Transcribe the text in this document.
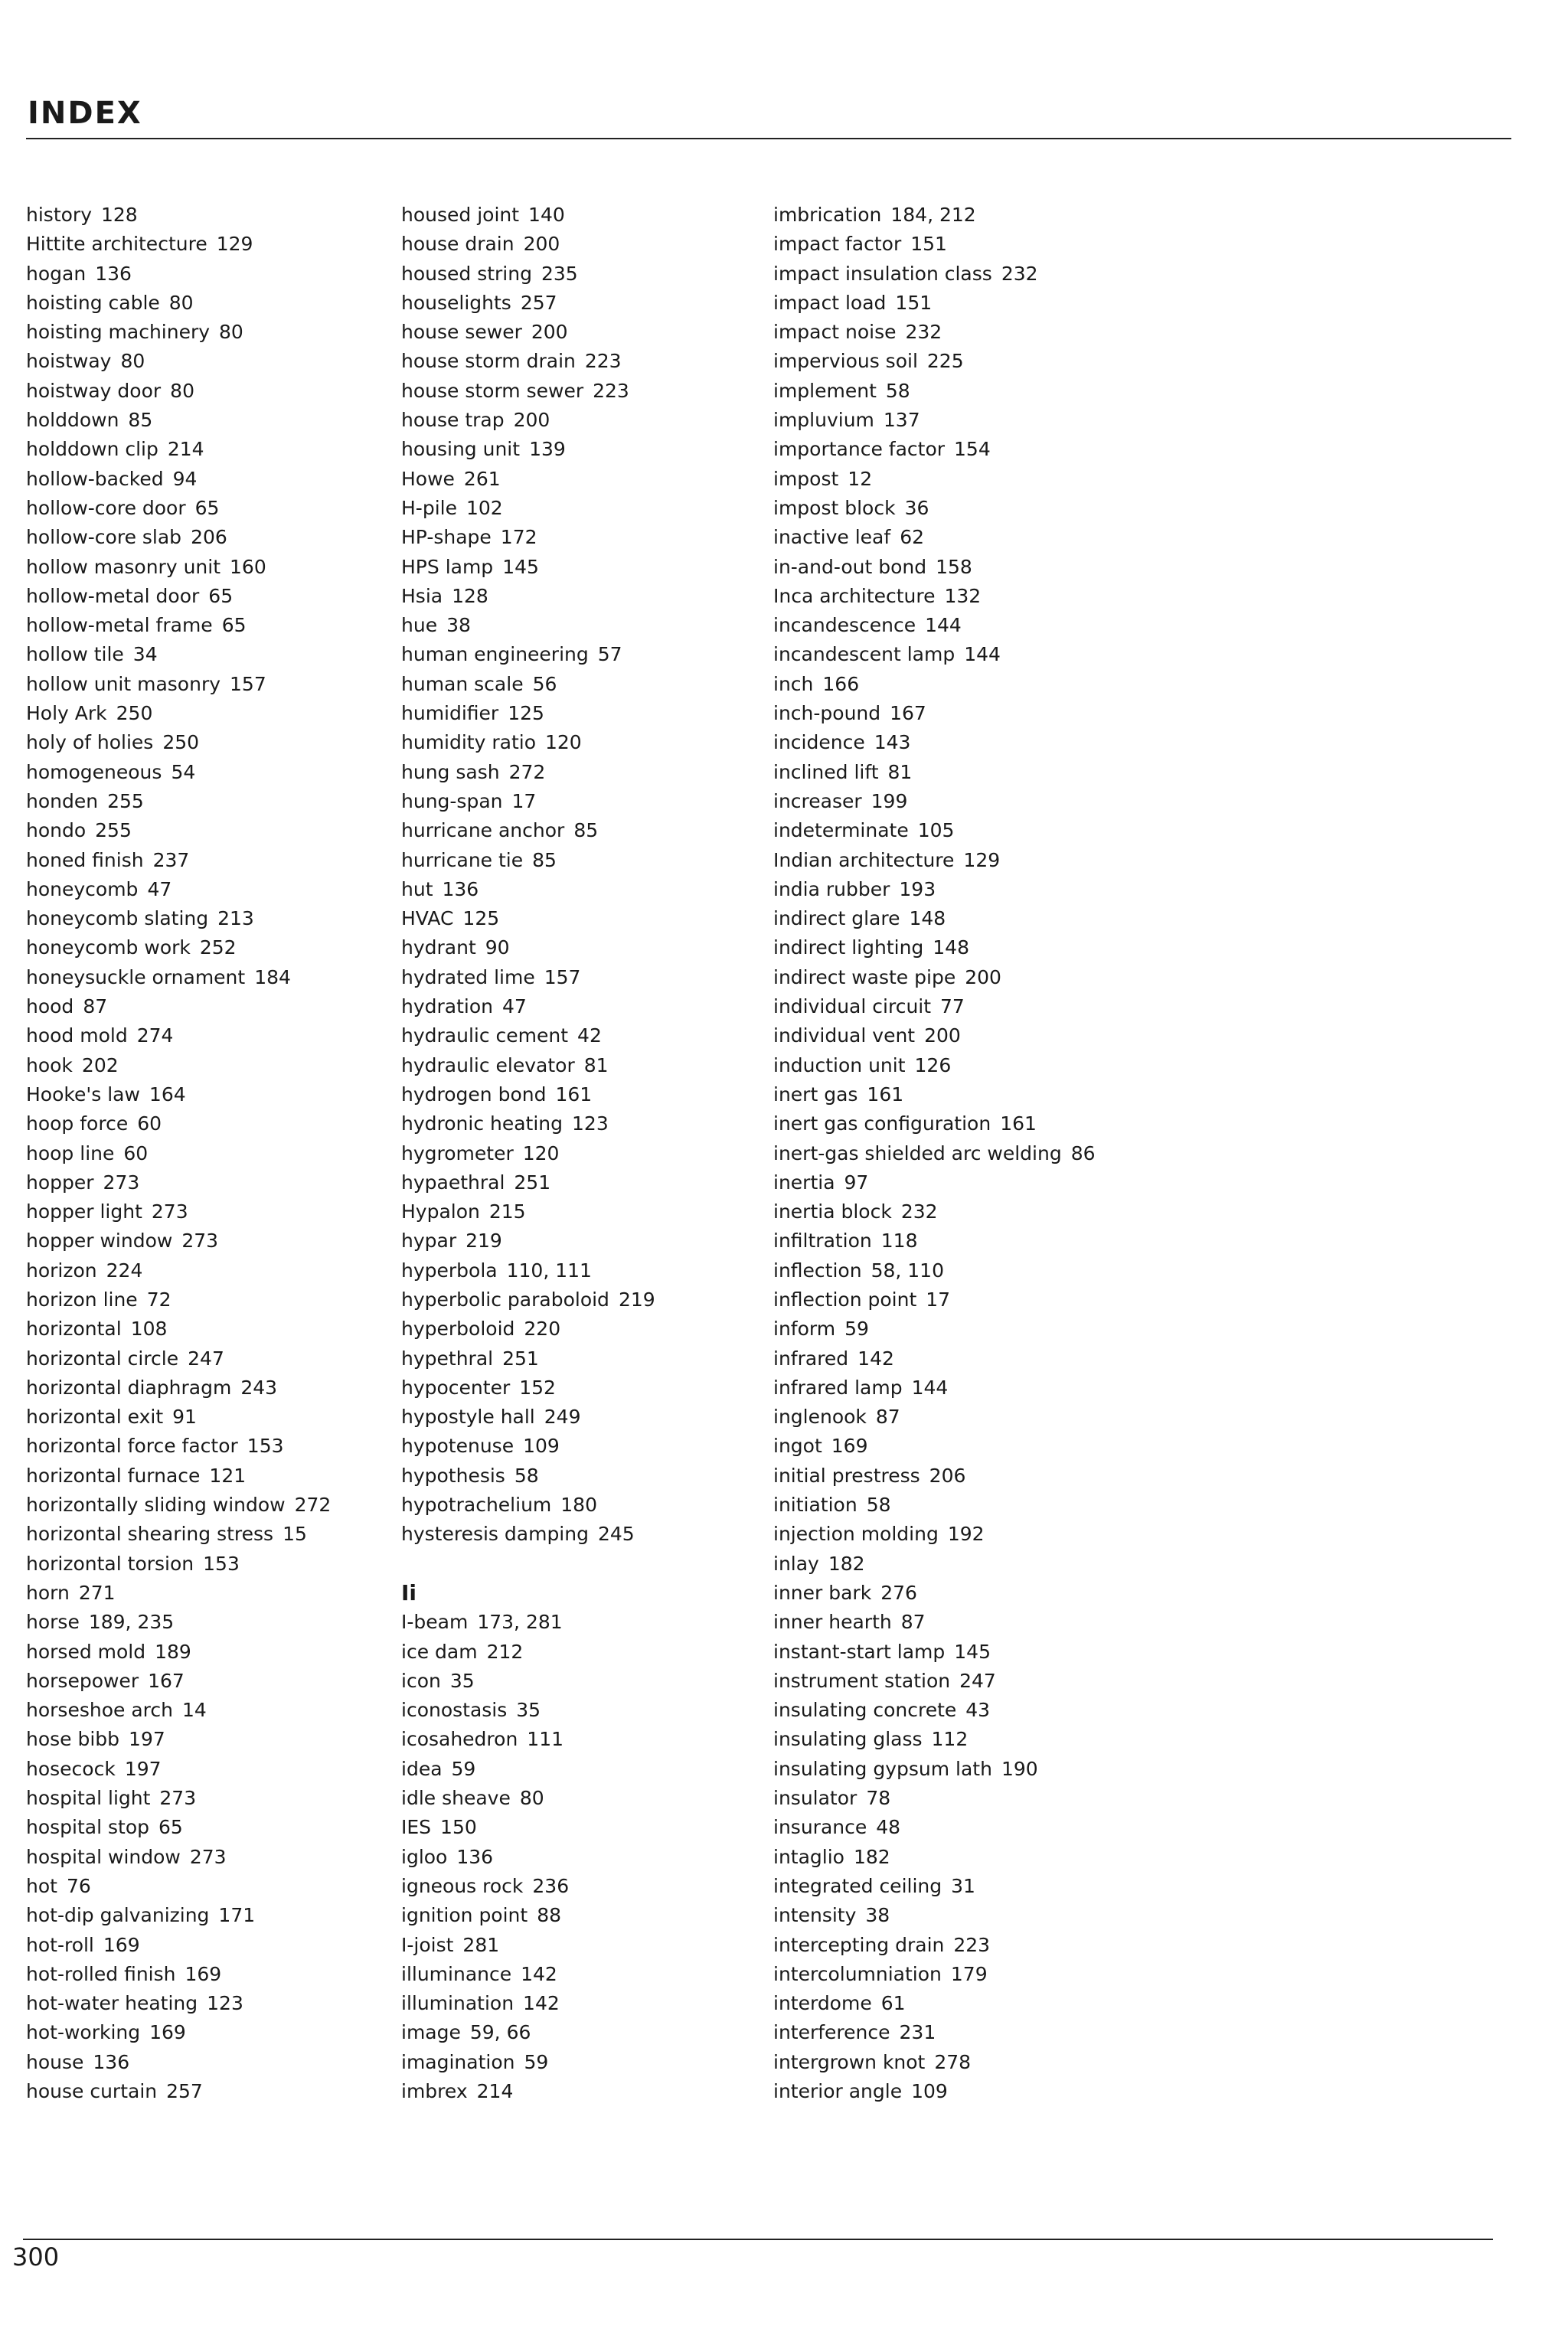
INDEX
history 128
Hittite architecture 129
hogan 136
hoisting cable 80
hoisting machinery 80
hoistway 80
hoistway door 80
holddown 85
holddown clip 214
hollow-backed 94
hollow-core door 65
hollow-core slab 206
hollow masonry unit 160
hollow-metal door 65
hollow-metal frame 65
hollow tile 34
hollow unit masonry 157
Holy Ark 250
holy of holies 250
homogeneous 54
honden 255
hondo 255
honed finish 237
honeycomb 47
honeycomb slating 213
honeycomb work 252
honeysuckle ornament 184
hood 87
hood mold 274
hook 202
Hooke's law 164
hoop force 60
hoop line 60
hopper 273
hopper light 273
hopper window 273
horizon 224
horizon line 72
horizontal 108
horizontal circle 247
horizontal diaphragm 243
horizontal exit 91
horizontal force factor 153
horizontal furnace 121
horizontally sliding window 272
horizontal shearing stress 15
horizontal torsion 153
horn 271
horse 189, 235
horsed mold 189
horsepower 167
horseshoe arch 14
hose bibb 197
hosecock 197
hospital light 273
hospital stop 65
hospital window 273
hot 76
hot-dip galvanizing 171
hot-roll 169
hot-rolled finish 169
hot-water heating 123
hot-working 169
house 136
house curtain 257
housed joint 140
house drain 200
housed string 235
houselights 257
house sewer 200
house storm drain 223
house storm sewer 223
house trap 200
housing unit 139
Howe 261
H-pile 102
HP-shape 172
HPS lamp 145
Hsia 128
hue 38
human engineering 57
human scale 56
humidifier 125
humidity ratio 120
hung sash 272
hung-span 17
hurricane anchor 85
hurricane tie 85
hut 136
HVAC 125
hydrant 90
hydrated lime 157
hydration 47
hydraulic cement 42
hydraulic elevator 81
hydrogen bond 161
hydronic heating 123
hygrometer 120
hypaethral 251
Hypalon 215
hypar 219
hyperbola 110, 111
hyperbolic paraboloid 219
hyperboloid 220
hypethral 251
hypocenter 152
hypostyle hall 249
hypotenuse 109
hypothesis 58
hypotrachelium 180
hysteresis damping 245
Ii
I-beam 173, 281
ice dam 212
icon 35
iconostasis 35
icosahedron 111
idea 59
idle sheave 80
IES 150
igloo 136
igneous rock 236
ignition point 88
I-joist 281
illuminance 142
illumination 142
image 59, 66
imagination 59
imbrex 214
imbrication 184, 212
impact factor 151
impact insulation class 232
impact load 151
impact noise 232
impervious soil 225
implement 58
impluvium 137
importance factor 154
impost 12
impost block 36
inactive leaf 62
in-and-out bond 158
Inca architecture 132
incandescence 144
incandescent lamp 144
inch 166
inch-pound 167
incidence 143
inclined lift 81
increaser 199
indeterminate 105
Indian architecture 129
india rubber 193
indirect glare 148
indirect lighting 148
indirect waste pipe 200
individual circuit 77
individual vent 200
induction unit 126
inert gas 161
inert gas configuration 161
inert-gas shielded arc welding 86
inertia 97
inertia block 232
infiltration 118
inflection 58, 110
inflection point 17
inform 59
infrared 142
infrared lamp 144
inglenook 87
ingot 169
initial prestress 206
initiation 58
injection molding 192
inlay 182
inner bark 276
inner hearth 87
instant-start lamp 145
instrument station 247
insulating concrete 43
insulating glass 112
insulating gypsum lath 190
insulator 78
insurance 48
intaglio 182
integrated ceiling 31
intensity 38
intercepting drain 223
intercolumniation 179
interdome 61
interference 231
intergrown knot 278
interior angle 109
300
